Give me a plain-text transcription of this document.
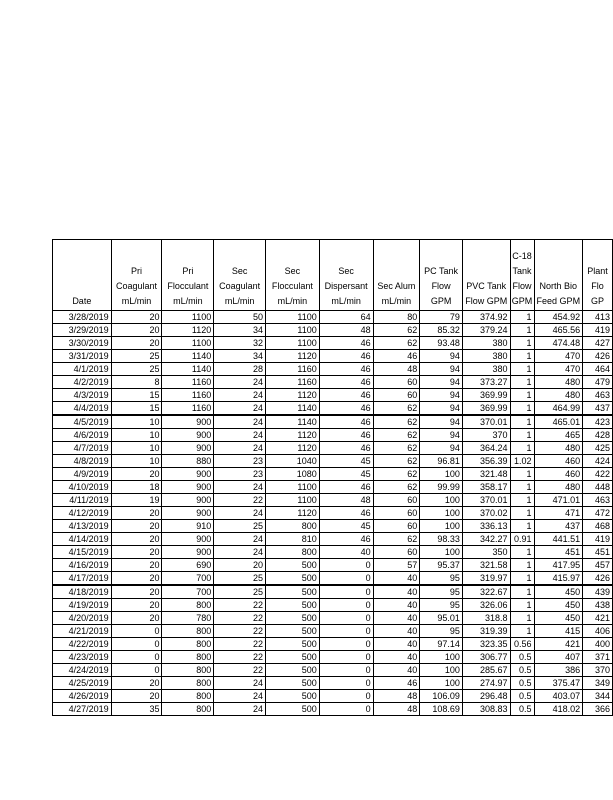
Date	Pri Coagulant mL/min	Pri Flocculant mL/min	Sec Coagulant mL/min	Sec Flocculant mL/min	Sec Dispersant mL/min	Sec Alum mL/min	PC Tank Flow GPM	PVC Tank Flow GPM	C-18 Tank Flow GPM	North Bio Feed GPM	Plant Flo GP
3/28/2019	20	1100	50	1100	64	80	79	374.92	1	454.92	413
3/29/2019	20	1120	34	1100	48	62	85.32	379.24	1	465.56	419
3/30/2019	20	1100	32	1100	46	62	93.48	380	1	474.48	427
3/31/2019	25	1140	34	1120	46	46	94	380	1	470	426
4/1/2019	25	1140	28	1160	46	48	94	380	1	470	464
4/2/2019	8	1160	24	1160	46	60	94	373.27	1	480	479
4/3/2019	15	1160	24	1120	46	60	94	369.99	1	480	463
4/4/2019	15	1160	24	1140	46	62	94	369.99	1	464.99	437
4/5/2019	10	900	24	1140	46	62	94	370.01	1	465.01	423
4/6/2019	10	900	24	1120	46	62	94	370	1	465	428
4/7/2019	10	900	24	1120	46	62	94	364.24	1	480	425
4/8/2019	10	880	23	1040	45	62	96.81	356.39	1.02	460	424
4/9/2019	20	900	23	1080	45	62	100	321.48	1	460	422
4/10/2019	18	900	24	1100	46	62	99.99	358.17	1	480	448
4/11/2019	19	900	22	1100	48	60	100	370.01	1	471.01	463
4/12/2019	20	900	24	1120	46	60	100	370.02	1	471	472
4/13/2019	20	910	25	800	45	60	100	336.13	1	437	468
4/14/2019	20	900	24	810	46	62	98.33	342.27	0.91	441.51	419
4/15/2019	20	900	24	800	40	60	100	350	1	451	451
4/16/2019	20	690	20	500	0	57	95.37	321.58	1	417.95	457
4/17/2019	20	700	25	500	0	40	95	319.97	1	415.97	426
4/18/2019	20	700	25	500	0	40	95	322.67	1	450	439
4/19/2019	20	800	22	500	0	40	95	326.06	1	450	438
4/20/2019	20	780	22	500	0	40	95.01	318.8	1	450	421
4/21/2019	0	800	22	500	0	40	95	319.39	1	415	406
4/22/2019	0	800	22	500	0	40	97.14	323.35	0.56	421	400
4/23/2019	0	800	22	500	0	40	100	306.77	0.5	407	371
4/24/2019	0	800	22	500	0	40	100	285.67	0.5	386	370
4/25/2019	20	800	24	500	0	46	100	274.97	0.5	375.47	349
4/26/2019	20	800	24	500	0	48	106.09	296.48	0.5	403.07	344
4/27/2019	35	800	24	500	0	48	108.69	308.83	0.5	418.02	366
